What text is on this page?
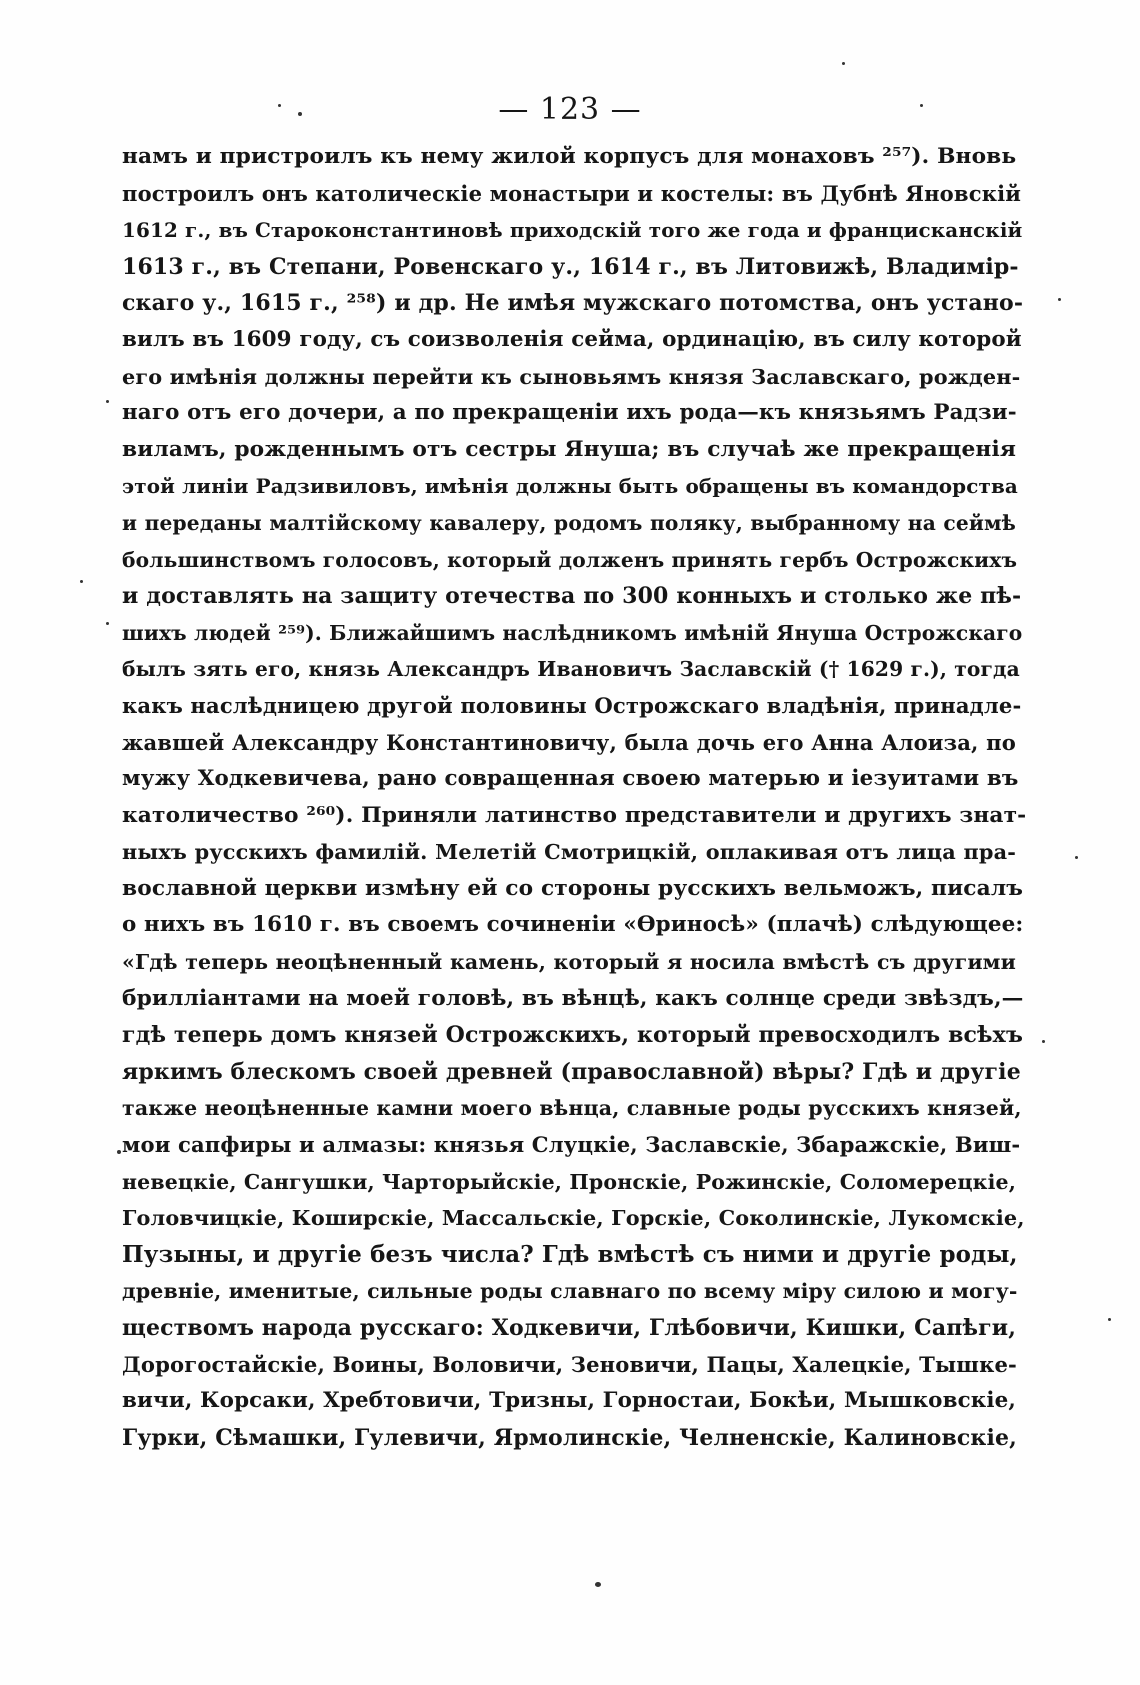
— 123 —
намъ и пристроилъ къ нему жилой корпусъ для монаховъ ²⁵⁷). Вновь
построилъ онъ католическіе монастыри и костелы: въ Дубнѣ Яновскій
1612 г., въ Староконстантиновѣ приходскій того же года и францисканскій
1613 г., въ Степани, Ровенскаго у., 1614 г., въ Литовижѣ, Владимір-
скаго у., 1615 г., ²⁵⁸) и др. Не имѣя мужскаго потомства, онъ устано-
вилъ въ 1609 году, съ соизволенія сейма, ординацію, въ силу которой
его имѣнія должны перейти къ сыновьямъ князя Заславскаго, рожден-
наго отъ его дочери, а по прекращеніи ихъ рода—къ князьямъ Радзи-
виламъ, рожденнымъ отъ сестры Януша; въ случаѣ же прекращенія
этой линіи Радзивиловъ, имѣнія должны быть обращены въ командорства
и переданы малтійскому кавалеру, родомъ поляку, выбранному на сеймѣ
большинствомъ голосовъ, который долженъ принять гербъ Острожскихъ
и доставлять на защиту отечества по 300 конныхъ и столько же пѣ-
шихъ людей ²⁵⁹). Ближайшимъ наслѣдникомъ имѣній Януша Острожскаго
былъ зять его, князь Александръ Ивановичъ Заславскій († 1629 г.), тогда
какъ наслѣдницею другой половины Острожскаго владѣнія, принадле-
жавшей Александру Константиновичу, была дочь его Анна Алоиза, по
мужу Ходкевичева, рано совращенная своею матерью и іезуитами въ
католичество ²⁶⁰). Приняли латинство представители и другихъ знат-
ныхъ русскихъ фамилій. Мелетій Смотрицкій, оплакивая отъ лица пра-
вославной церкви измѣну ей со стороны русскихъ вельможъ, писалъ
о нихъ въ 1610 г. въ своемъ сочиненіи «Ѳриносѣ» (плачѣ) слѣдующее:
«Гдѣ теперь неоцѣненный камень, который я носила вмѣстѣ съ другими
брилліантами на моей головѣ, въ вѣнцѣ, какъ солнце среди звѣздъ,—
гдѣ теперь домъ князей Острожскихъ, который превосходилъ всѣхъ
яркимъ блескомъ своей древней (православной) вѣры? Гдѣ и другіе
также неоцѣненные камни моего вѣнца, славные роды русскихъ князей,
мои сапфиры и алмазы: князья Слуцкіе, Заславскіе, Збаражскіе, Виш-
невецкіе, Сангушки, Чарторыйскіе, Пронскіе, Рожинскіе, Соломерецкіе,
Головчицкіе, Коширскіе, Массальскіе, Горскіе, Соколинскіе, Лукомскіе,
Пузыны, и другіе безъ числа? Гдѣ вмѣстѣ съ ними и другіе роды,
древніе, именитые, сильные роды славнаго по всему міру силою и могу-
ществомъ народа русскаго: Ходкевичи, Глѣбовичи, Кишки, Сапѣги,
Дорогостайскіе, Воины, Воловичи, Зеновичи, Пацы, Халецкіе, Тышке-
вичи, Корсаки, Хребтовичи, Тризны, Горностаи, Бокѣи, Мышковскіе,
Гурки, Сѣмашки, Гулевичи, Ярмолинскіе, Челненскіе, Калиновскіе,
